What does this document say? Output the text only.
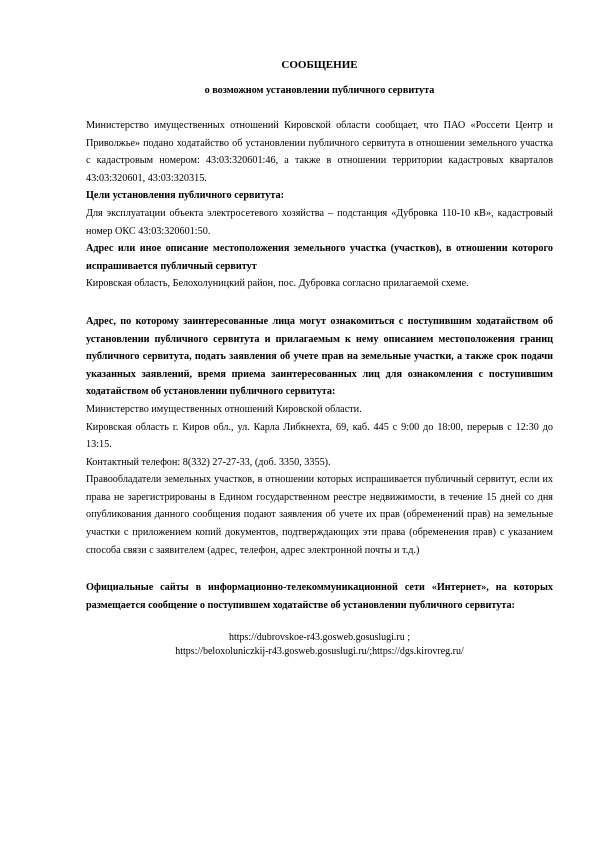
СООБЩЕНИЕ

о возможном установлении публичного сервитута

Министерство имущественных отношений Кировской области сообщает, что ПАО «Россети Центр и Приволжье» подано ходатайство об установлении публичного сервитута в отношении земельного участка с кадастровым номером: 43:03:320601:46, а также в отношении территории кадастровых кварталов 43:03:320601, 43:03:320315.

Цели установления публичного сервитута:

Для эксплуатации объекта электросетевого хозяйства – подстанция «Дубровка 110-10 кВ», кадастровый номер ОКС 43:03:320601:50.

Адрес или иное описание местоположения земельного участка (участков), в отношении которого испрашивается публичный сервитут

Кировская область, Белохолуницкий район, пос. Дубровка согласно прилагаемой схеме.

Адрес, по которому заинтересованные лица могут ознакомиться с поступившим ходатайством об установлении публичного сервитута и прилагаемым к нему описанием местоположения границ публичного сервитута, подать заявления об учете прав на земельные участки, а также срок подачи указанных заявлений, время приема заинтересованных лиц для ознакомления с поступившим ходатайством об установлении публичного сервитута:

Министерство имущественных отношений Кировской области.

Кировская область г. Киров обл., ул. Карла Либкнехта, 69, каб. 445 с 9:00 до 18:00, перерыв с 12:30 до 13:15.

Контактный телефон: 8(332) 27-27-33, (доб. 3350, 3355).

Правообладатели земельных участков, в отношении которых испрашивается публичный сервитут, если их права не зарегистрированы в Едином государственном реестре недвижимости, в течение 15 дней со дня опубликования данного сообщения подают заявления об учете их прав (обременений прав) на земельные участки с приложением копий документов, подтверждающих эти права (обременения прав) с указанием способа связи с заявителем (адрес, телефон, адрес электронной почты и т.д.)

Официальные сайты в информационно-телекоммуникационной сети «Интернет», на которых размещается сообщение о поступившем ходатайстве об установлении публичного сервитута:

https://dubrovskoe-r43.gosweb.gosuslugi.ru ;
https://beloxoluniczkij-r43.gosweb.gosuslugi.ru/;https://dgs.kirovreg.ru/
